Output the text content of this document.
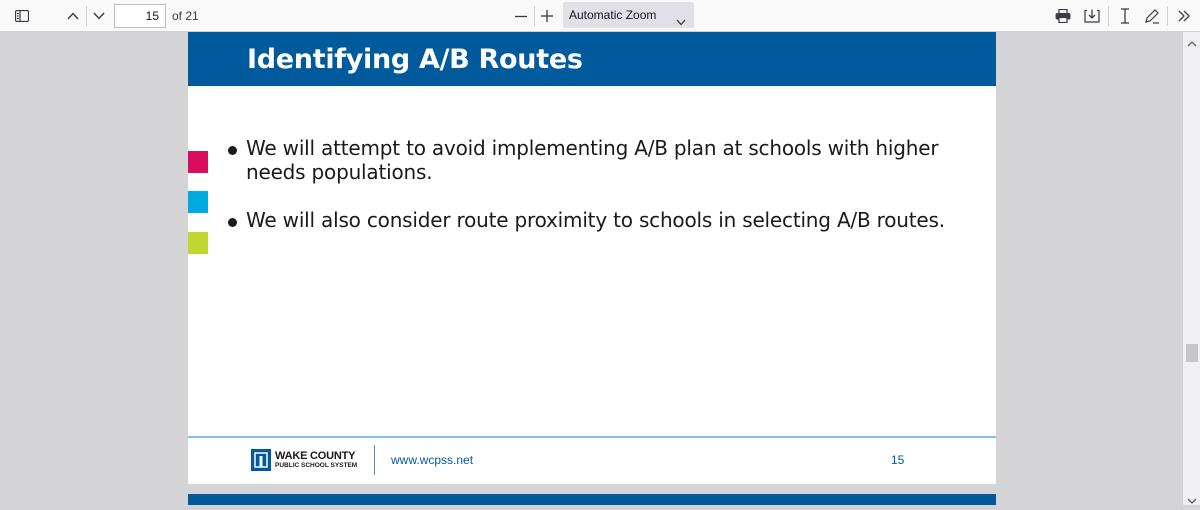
15
of 21	Automatic Zoom
Identifying A/B Routes
We will attempt to avoid implementing A/B plan at schools with higher needs populations.
We will also consider route proximity to schools in selecting A/B routes.
WAKE COUNTY
PUBLIC SCHOOL SYSTEM	www.wcpss.net	15
